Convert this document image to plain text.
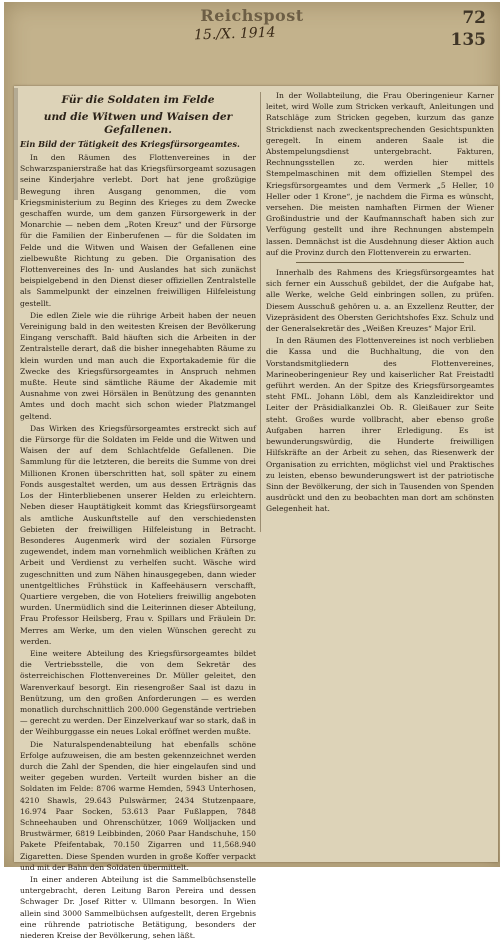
Reichspost
15./X. 1914
72
135
Für die Soldaten im Felde
und die Witwen und Waisen der Gefallenen.
Ein Bild der Tätigkeit des Kriegsfürsorgeamtes.

In den Räumen des Flottenvereines in der Schwarzspanierstraße hat das Kriegsfürsorgeamt sozusagen seine Kinderjahre verlebt. Dort hat jene großzügige Bewegung ihren Ausgang genommen, die vom Kriegsministerium zu Beginn des Krieges zu dem Zwecke geschaffen wurde, um dem ganzen Fürsorgewerk in der Monarchie — neben dem „Roten Kreuz“ und der Fürsorge für die Familien der Einberufenen — für die Soldaten im Felde und die Witwen und Waisen der Gefallenen eine zielbewußte Richtung zu geben. Die Organisation des Flottenvereines des In- und Auslandes hat sich zunächst beispielgebend in den Dienst dieser offiziellen Zentralstelle als Sammelpunkt der einzelnen freiwilligen Hilfeleistung gestellt.

Die edlen Ziele wie die rührige Arbeit haben der neuen Vereinigung bald in den weitesten Kreisen der Bevölkerung Eingang verschafft. Bald häuften sich die Arbeiten in der Zentralstelle derart, daß die bisher innegehabten Räume zu klein wurden und man auch die Exportakademie für die Zwecke des Kriegsfürsorgeamtes in Anspruch nehmen mußte. Heute sind sämtliche Räume der Akademie mit Ausnahme von zwei Hörsälen in Benützung des genannten Amtes und doch macht sich schon wieder Platzmangel geltend.

Das Wirken des Kriegsfürsorgeamtes erstreckt sich auf die Fürsorge für die Soldaten im Felde und die Witwen und Waisen der auf dem Schlachtfelde Gefallenen. Die Sammlung für die letzteren, die bereits die Summe von drei Millionen Kronen überschritten hat, soll später zu einem Fonds ausgestaltet werden, um aus dessen Erträgnis das Los der Hinterbliebenen unserer Helden zu erleichtern. Neben dieser Hauptätigkeit kommt das Kriegsfürsorgeamt als amtliche Auskunftstelle auf den verschiedensten Gebieten der freiwilligen Hilfeleistung in Betracht. Besonderes Augenmerk wird der sozialen Fürsorge zugewendet, indem man vornehmlich weiblichen Kräften zu Arbeit und Verdienst zu verhelfen sucht. Wäsche wird zugeschnitten und zum Nähen hinausgegeben, dann wieder unentgeltliches Frühstück in Kaffeehäusern verschafft, Quartiere vergeben, die von Hoteliers freiwillig angeboten wurden. Unermüdlich sind die Leiterinnen dieser Abteilung, Frau Professor Heilsberg, Frau v. Spillars und Fräulein Dr. Merres am Werke, um den vielen Wünschen gerecht zu werden.

Eine weitere Abteilung des Kriegsfürsorgeamtes bildet die Vertriebsstelle, die von dem Sekretär des österreichischen Flottenvereines Dr. Müller geleitet, den Warenverkauf besorgt. Ein riesengroßer Saal ist dazu in Benützung, um den großen Anforderungen — es werden monatlich durchschnittlich 200.000 Gegenstände vertrieben — gerecht zu werden. Der Einzelverkauf war so stark, daß in der Weihburggasse ein neues Lokal eröffnet werden mußte.

Die Naturalspendenabteilung hat ebenfalls schöne Erfolge aufzuweisen, die am besten gekennzeichnet werden durch die Zahl der Spenden, die hier eingelaufen sind und weiter gegeben wurden. Verteilt wurden bisher an die Soldaten im Felde: 8706 warme Hemden, 5943 Unterhosen, 4210 Shawls, 29.643 Pulswärmer, 2434 Stutzenpaare, 16.974 Paar Socken, 53.613 Paar Fußlappen, 7848 Schneehauben und Ohrenschützer, 1069 Wolljacken und Brustwärmer, 6819 Leibbinden, 2060 Paar Handschuhe, 150 Pakete Pfeifentabak, 70.150 Zigarren und 11,568.940 Zigaretten. Diese Spenden wurden in große Koffer verpackt und mit der Bahn den Soldaten übermittelt.

In einer anderen Abteilung ist die Sammelbüchsenstelle untergebracht, deren Leitung Baron Pereira und dessen Schwager Dr. Josef Ritter v. Ullmann besorgen. In Wien allein sind 3000 Sammelbüchsen aufgestellt, deren Ergebnis eine rührende patriotische Betätigung, besonders der niederen Kreise der Bevölkerung, sehen läßt.

In der Wollabteilung, die Frau Oberingenieur Karner leitet, wird Wolle zum Stricken verkauft, Anleitungen und Ratschläge zum Stricken gegeben, kurzum das ganze Strickdienst nach zweckentsprechenden Gesichtspunkten geregelt. In einem anderen Saale ist die Abstempelungsdienst untergebracht. Fakturen, Rechnungsstellen zc. werden hier mittels Stempelmaschinen mit dem offiziellen Stempel des Kriegsfürsorgeamtes und dem Vermerk „5 Heller, 10 Heller oder 1 Krone“, je nachdem die Firma es wünscht, versehen. Die meisten namhaften Firmen der Wiener Großindustrie und der Kaufmannschaft haben sich zur Verfügung gestellt und ihre Rechnungen abstempeln lassen. Demnächst ist die Ausdehnung dieser Aktion auch auf die Provinz durch den Flottenverein zu erwarten.

Innerhalb des Rahmens des Kriegsfürsorgeamtes hat sich ferner ein Ausschuß gebildet, der die Aufgabe hat, alle Werke, welche Geld einbringen sollen, zu prüfen. Diesem Ausschuß gehören u. a. an Exzellenz Reutter, der Vizepräsident des Obersten Gerichtshofes Exz. Schulz und der Generalsekretär des „Weißen Kreuzes“ Major Eril.

In den Räumen des Flottenvereines ist noch verblieben die Kassa und die Buchhaltung, die von den Vorstandsmitgliedern des Flottenvereines, Marineoberingenieur Rey und kaiserlicher Rat Freistadtl geführt werden. An der Spitze des Kriegsfürsorgeamtes steht FML. Johann Löbl, dem als Kanzleidirektor und Leiter der Präsidialkanzlei Ob. R. Gleißauer zur Seite steht. Großes wurde vollbracht, aber ebenso große Aufgaben harren ihrer Erledigung. Es ist bewunderungswürdig, die Hunderte freiwilligen Hilfskräfte an der Arbeit zu sehen, das Riesenwerk der Organisation zu errichten, möglichst viel und Praktisches zu leisten, ebenso bewunderungswert ist der patriotische Sinn der Bevölkerung, der sich in Tausenden von Spenden ausdrückt und den zu beobachten man dort am schönsten Gelegenheit hat.
